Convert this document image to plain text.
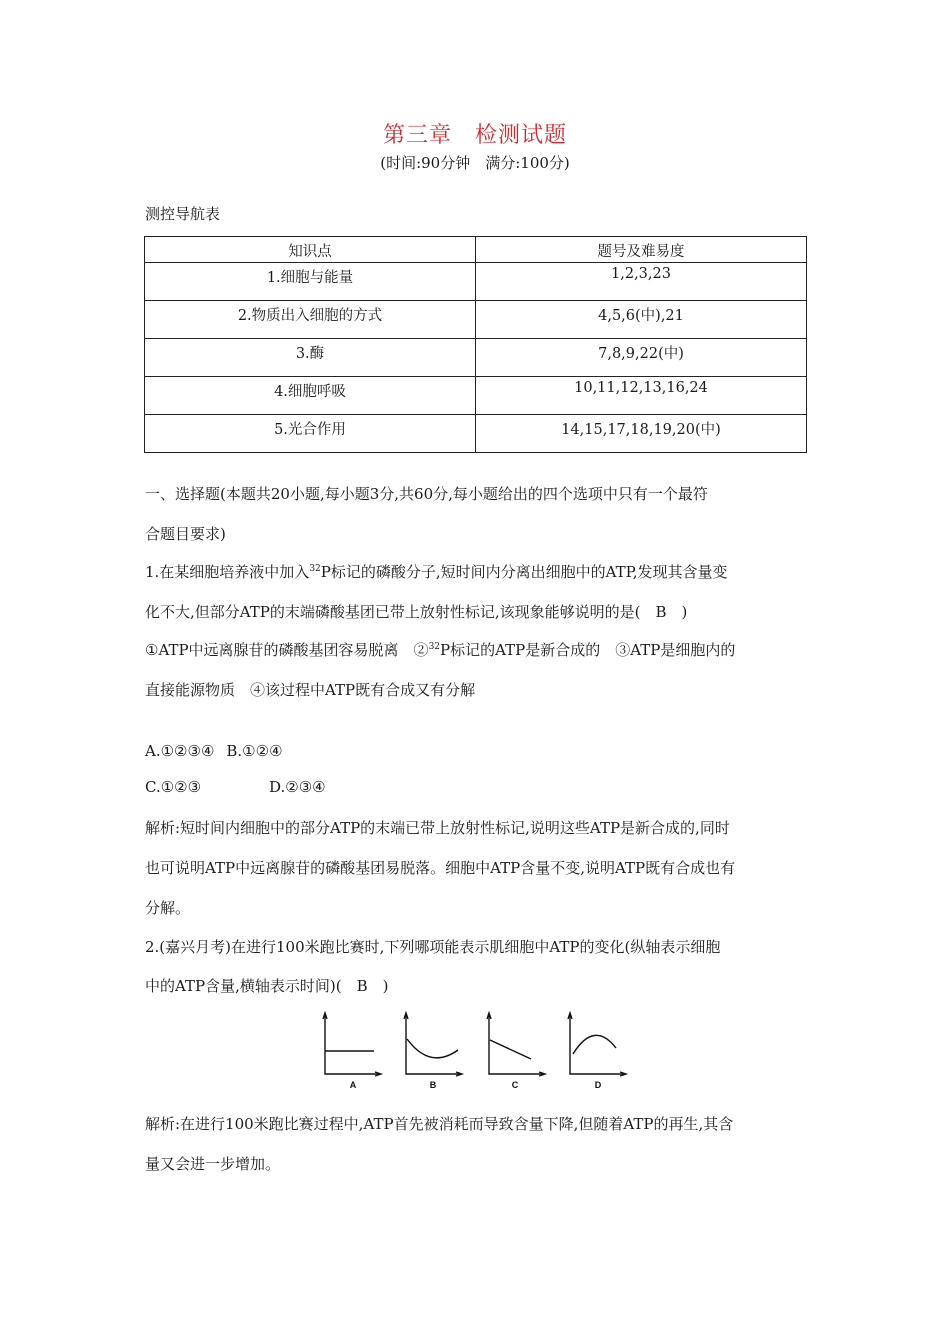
第三章　检测试题
(时间:90分钟　满分:100分)
测控导航表
知识点	题号及难易度
1.细胞与能量	1,2,3,23
2.物质出入细胞的方式	4,5,6(中),21
3.酶	7,8,9,22(中)
4.细胞呼吸	10,11,12,13,16,24
5.光合作用	14,15,17,18,19,20(中)
一、选择题(本题共20小题,每小题3分,共60分,每小题给出的四个选项中只有一个最符
合题目要求)
1.在某细胞培养液中加入$^{32}$P标记的磷酸分子,短时间内分离出细胞中的ATP,发现其含量变
化不大,但部分ATP的末端磷酸基团已带上放射性标记,该现象能够说明的是(　B　)
①ATP中远离腺苷的磷酸基团容易脱离　②$^{32}$P标记的ATP是新合成的　③ATP是细胞内的
直接能源物质　④该过程中ATP既有合成又有分解
A.①②③④ B.①②④
C.①②③	D.②③④
解析:短时间内细胞中的部分ATP的末端已带上放射性标记,说明这些ATP是新合成的,同时
也可说明ATP中远离腺苷的磷酸基团易脱落。细胞中ATP含量不变,说明ATP既有合成也有
分解。
2.(嘉兴月考)在进行100米跑比赛时,下列哪项能表示肌细胞中ATP的变化(纵轴表示细胞
中的ATP含量,横轴表示时间)(　B　)
A	B	C	D
解析:在进行100米跑比赛过程中,ATP首先被消耗而导致含量下降,但随着ATP的再生,其含
量又会进一步增加。
